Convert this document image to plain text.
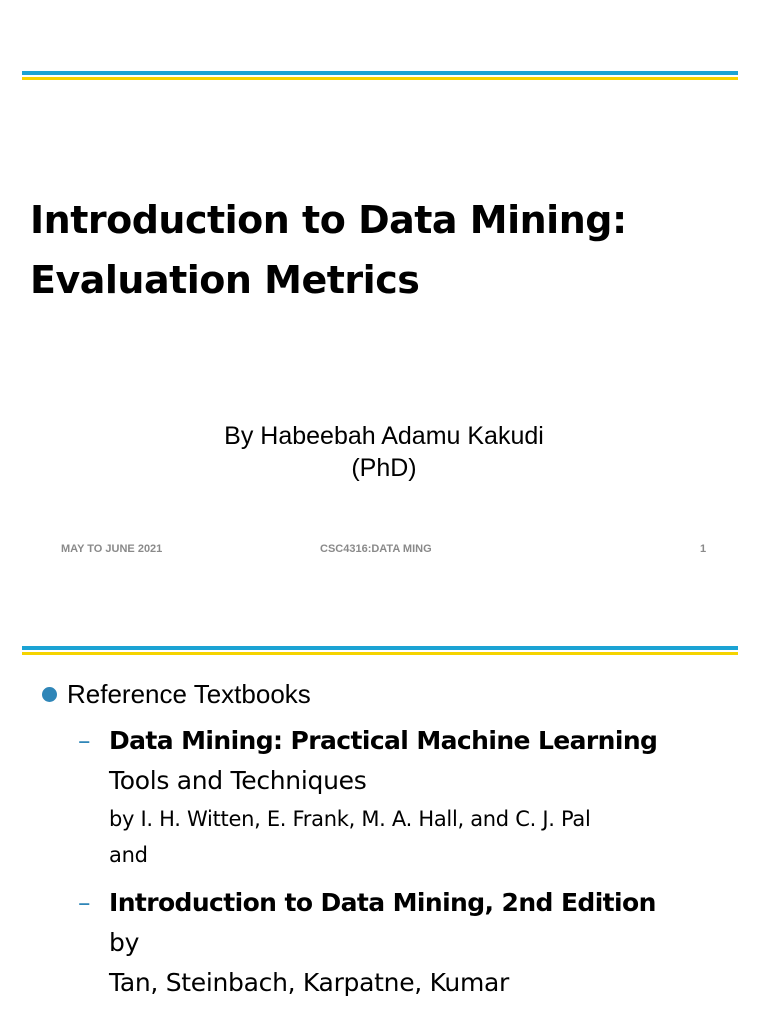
Introduction to Data Mining:
Evaluation Metrics
By Habeebah Adamu Kakudi
(PhD)
MAY TO JUNE 2021	CSC4316:DATA MING	1
Reference Textbooks
– Data Mining: Practical Machine Learning
Tools and Techniques
by I. H. Witten, E. Frank, M. A. Hall, and C. J. Pal
and
– Introduction to Data Mining, 2nd Edition
by
Tan, Steinbach, Karpatne, Kumar
